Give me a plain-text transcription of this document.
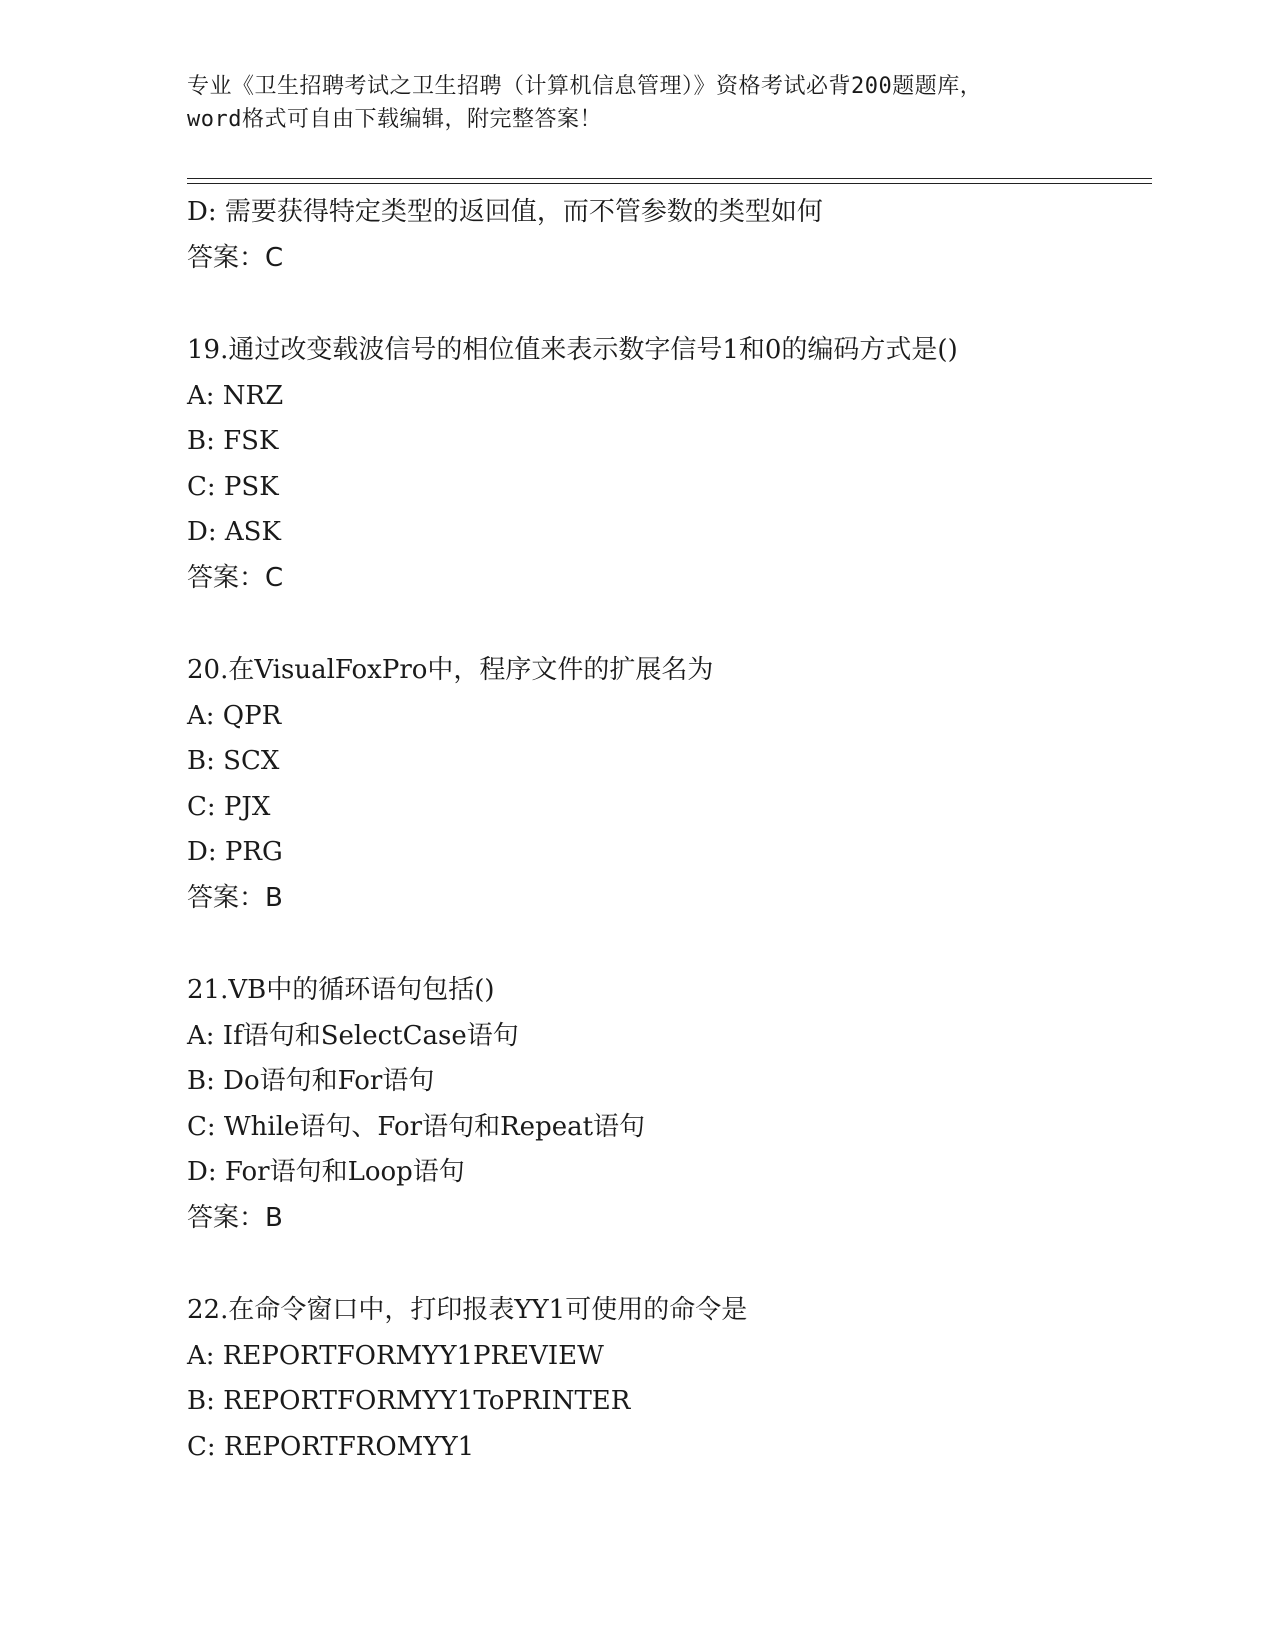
专业《卫生招聘考试之卫生招聘（计算机信息管理）》资格考试必背200题题库，
word格式可自由下载编辑，附完整答案！
D: 需要获得特定类型的返回值，而不管参数的类型如何
答案：C
19.通过改变载波信号的相位值来表示数字信号1和0的编码方式是()
A: NRZ
B: FSK
C: PSK
D: ASK
答案：C
20.在VisualFoxPro中，程序文件的扩展名为
A: QPR
B: SCX
C: PJX
D: PRG
答案：B
21.VB中的循环语句包括()
A: If语句和SelectCase语句
B: Do语句和For语句
C: While语句、For语句和Repeat语句
D: For语句和Loop语句
答案：B
22.在命令窗口中，打印报表YY1可使用的命令是
A: REPORTFORMYY1PREVIEW
B: REPORTFORMYY1ToPRINTER
C: REPORTFROMYY1
